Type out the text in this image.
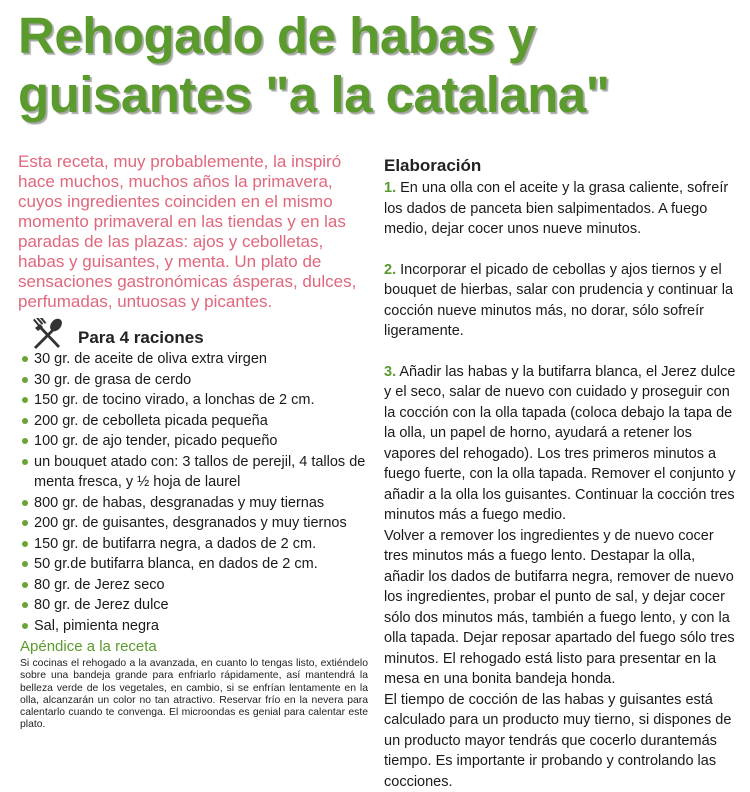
Rehogado de habas y guisantes "a la catalana"

Esta receta, muy probablemente, la inspiró hace muchos, muchos años la primavera, cuyos ingredientes coinciden en el mismo momento primaveral en las tiendas y en las paradas de las plazas: ajos y cebolletas, habas y guisantes, y menta. Un plato de sensaciones gastronómicas ásperas, dulces, perfumadas, untuosas y picantes.

Para 4 raciones
30 gr. de aceite de oliva extra virgen
30 gr. de grasa de cerdo
150 gr. de tocino virado, a lonchas de 2 cm.
200 gr. de cebolleta picada pequeña
100 gr. de ajo tender, picado pequeño
un bouquet atado con: 3 tallos de perejil, 4 tallos de menta fresca, y ½ hoja de laurel
800 gr. de habas, desgranadas y muy tiernas
200 gr. de guisantes, desgranados y muy tiernos
150 gr. de butifarra negra, a dados de 2 cm.
50 gr.de butifarra blanca, en dados de 2 cm.
80 gr. de Jerez seco
80 gr. de Jerez dulce
Sal, pimienta negra
Apéndice a la receta

Si cocinas el rehogado a la avanzada, en cuanto lo tengas listo, extiéndelo sobre una bandeja grande para enfriarlo rápidamente, así mantendrá la belleza verde de los vegetales, en cambio, si se enfrían lentamente en la olla, alcanzarán un color no tan atractivo. Reservar frío en la nevera para calentarlo cuando te convenga. El microondas es genial para calentar este plato.

Elaboración

1. En una olla con el aceite y la grasa caliente, sofreír los dados de panceta bien salpimentados. A fuego medio, dejar cocer unos nueve minutos.

2. Incorporar el picado de cebollas y ajos tiernos y el bouquet de hierbas, salar con prudencia y continuar la cocción nueve minutos más, no dorar, sólo sofreír ligeramente.

3. Añadir las habas y la butifarra blanca, el Jerez dulce y el seco, salar de nuevo con cuidado y proseguir con la cocción con la olla tapada (coloca debajo la tapa de la olla, un papel de horno, ayudará a retener los vapores del rehogado). Los tres primeros minutos a fuego fuerte, con la olla tapada. Remover el conjunto y añadir a la olla los guisantes. Continuar la cocción tres minutos más a fuego medio.

Volver a remover los ingredientes y de nuevo cocer tres minutos más a fuego lento. Destapar la olla, añadir los dados de butifarra negra, remover de nuevo los ingredientes, probar el punto de sal, y dejar cocer sólo dos minutos más, también a fuego lento, y con la olla tapada. Dejar reposar apartado del fuego sólo tres minutos. El rehogado está listo para presentar en la mesa en una bonita bandeja honda.

El tiempo de cocción de las habas y guisantes está calculado para un producto muy tierno, si dispones de un producto mayor tendrás que cocerlo durantemás tiempo. Es importante ir probando y controlando las cocciones.
